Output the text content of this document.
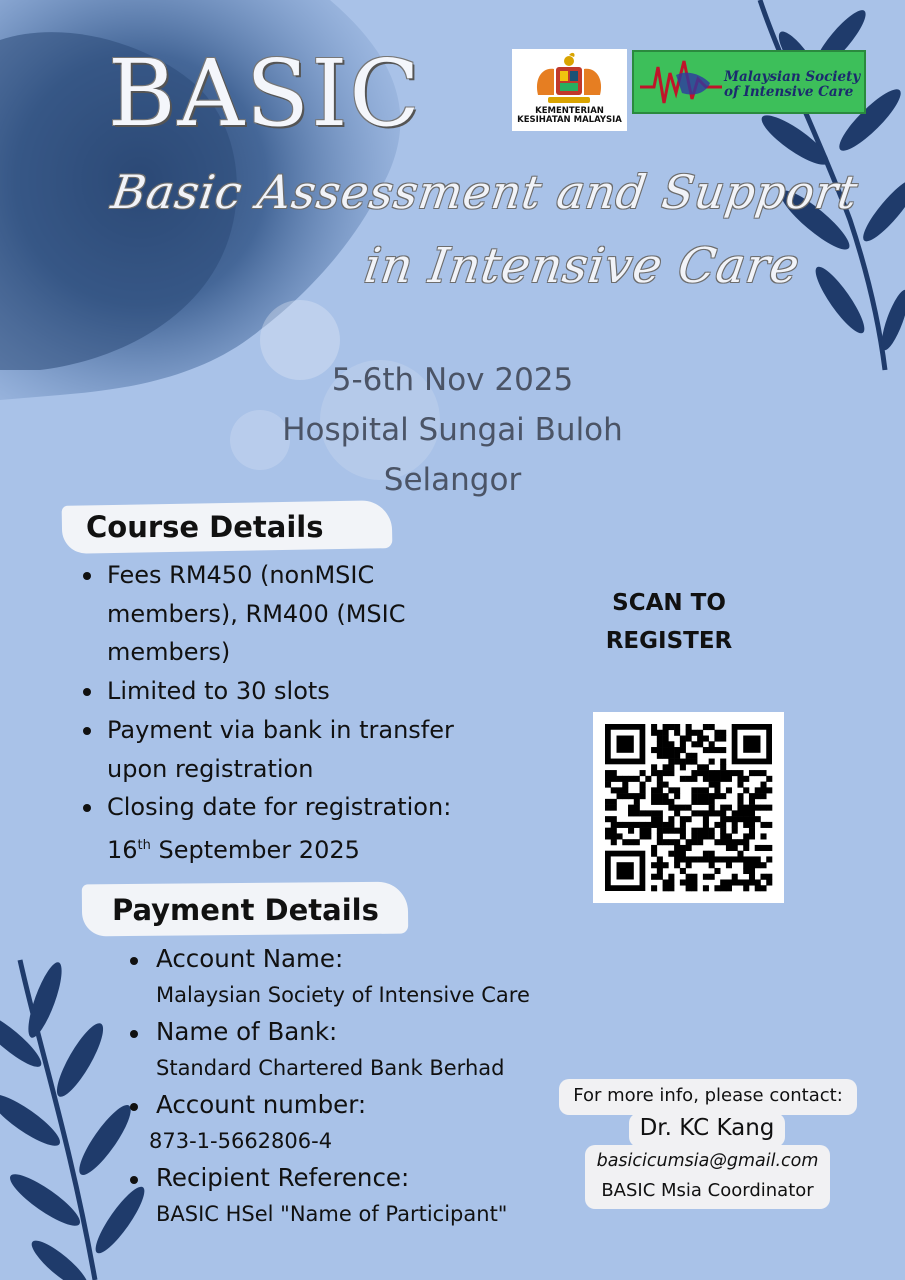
BASIC
Basic Assessment and Support
in Intensive Care
KEMENTERIAN KESIHATAN MALAYSIA
Malaysian Society of Intensive Care
5-6th Nov 2025
Hospital Sungai Buloh
Selangor
Course Details
Fees RM450 (nonMSIC members), RM400 (MSIC members)
Limited to 30 slots
Payment via bank in transfer upon registration
Closing date for registration:
16th September 2025
SCAN TO REGISTER
Payment Details
Account Name:
Malaysian Society of Intensive Care
Name of Bank:
Standard Chartered Bank Berhad
Account number:
873-1-5662806-4
Recipient Reference:
BASIC HSel "Name of Participant"
For more info, please contact:
Dr. KC Kang
basicicumsia@gmail.com
BASIC Msia Coordinator
